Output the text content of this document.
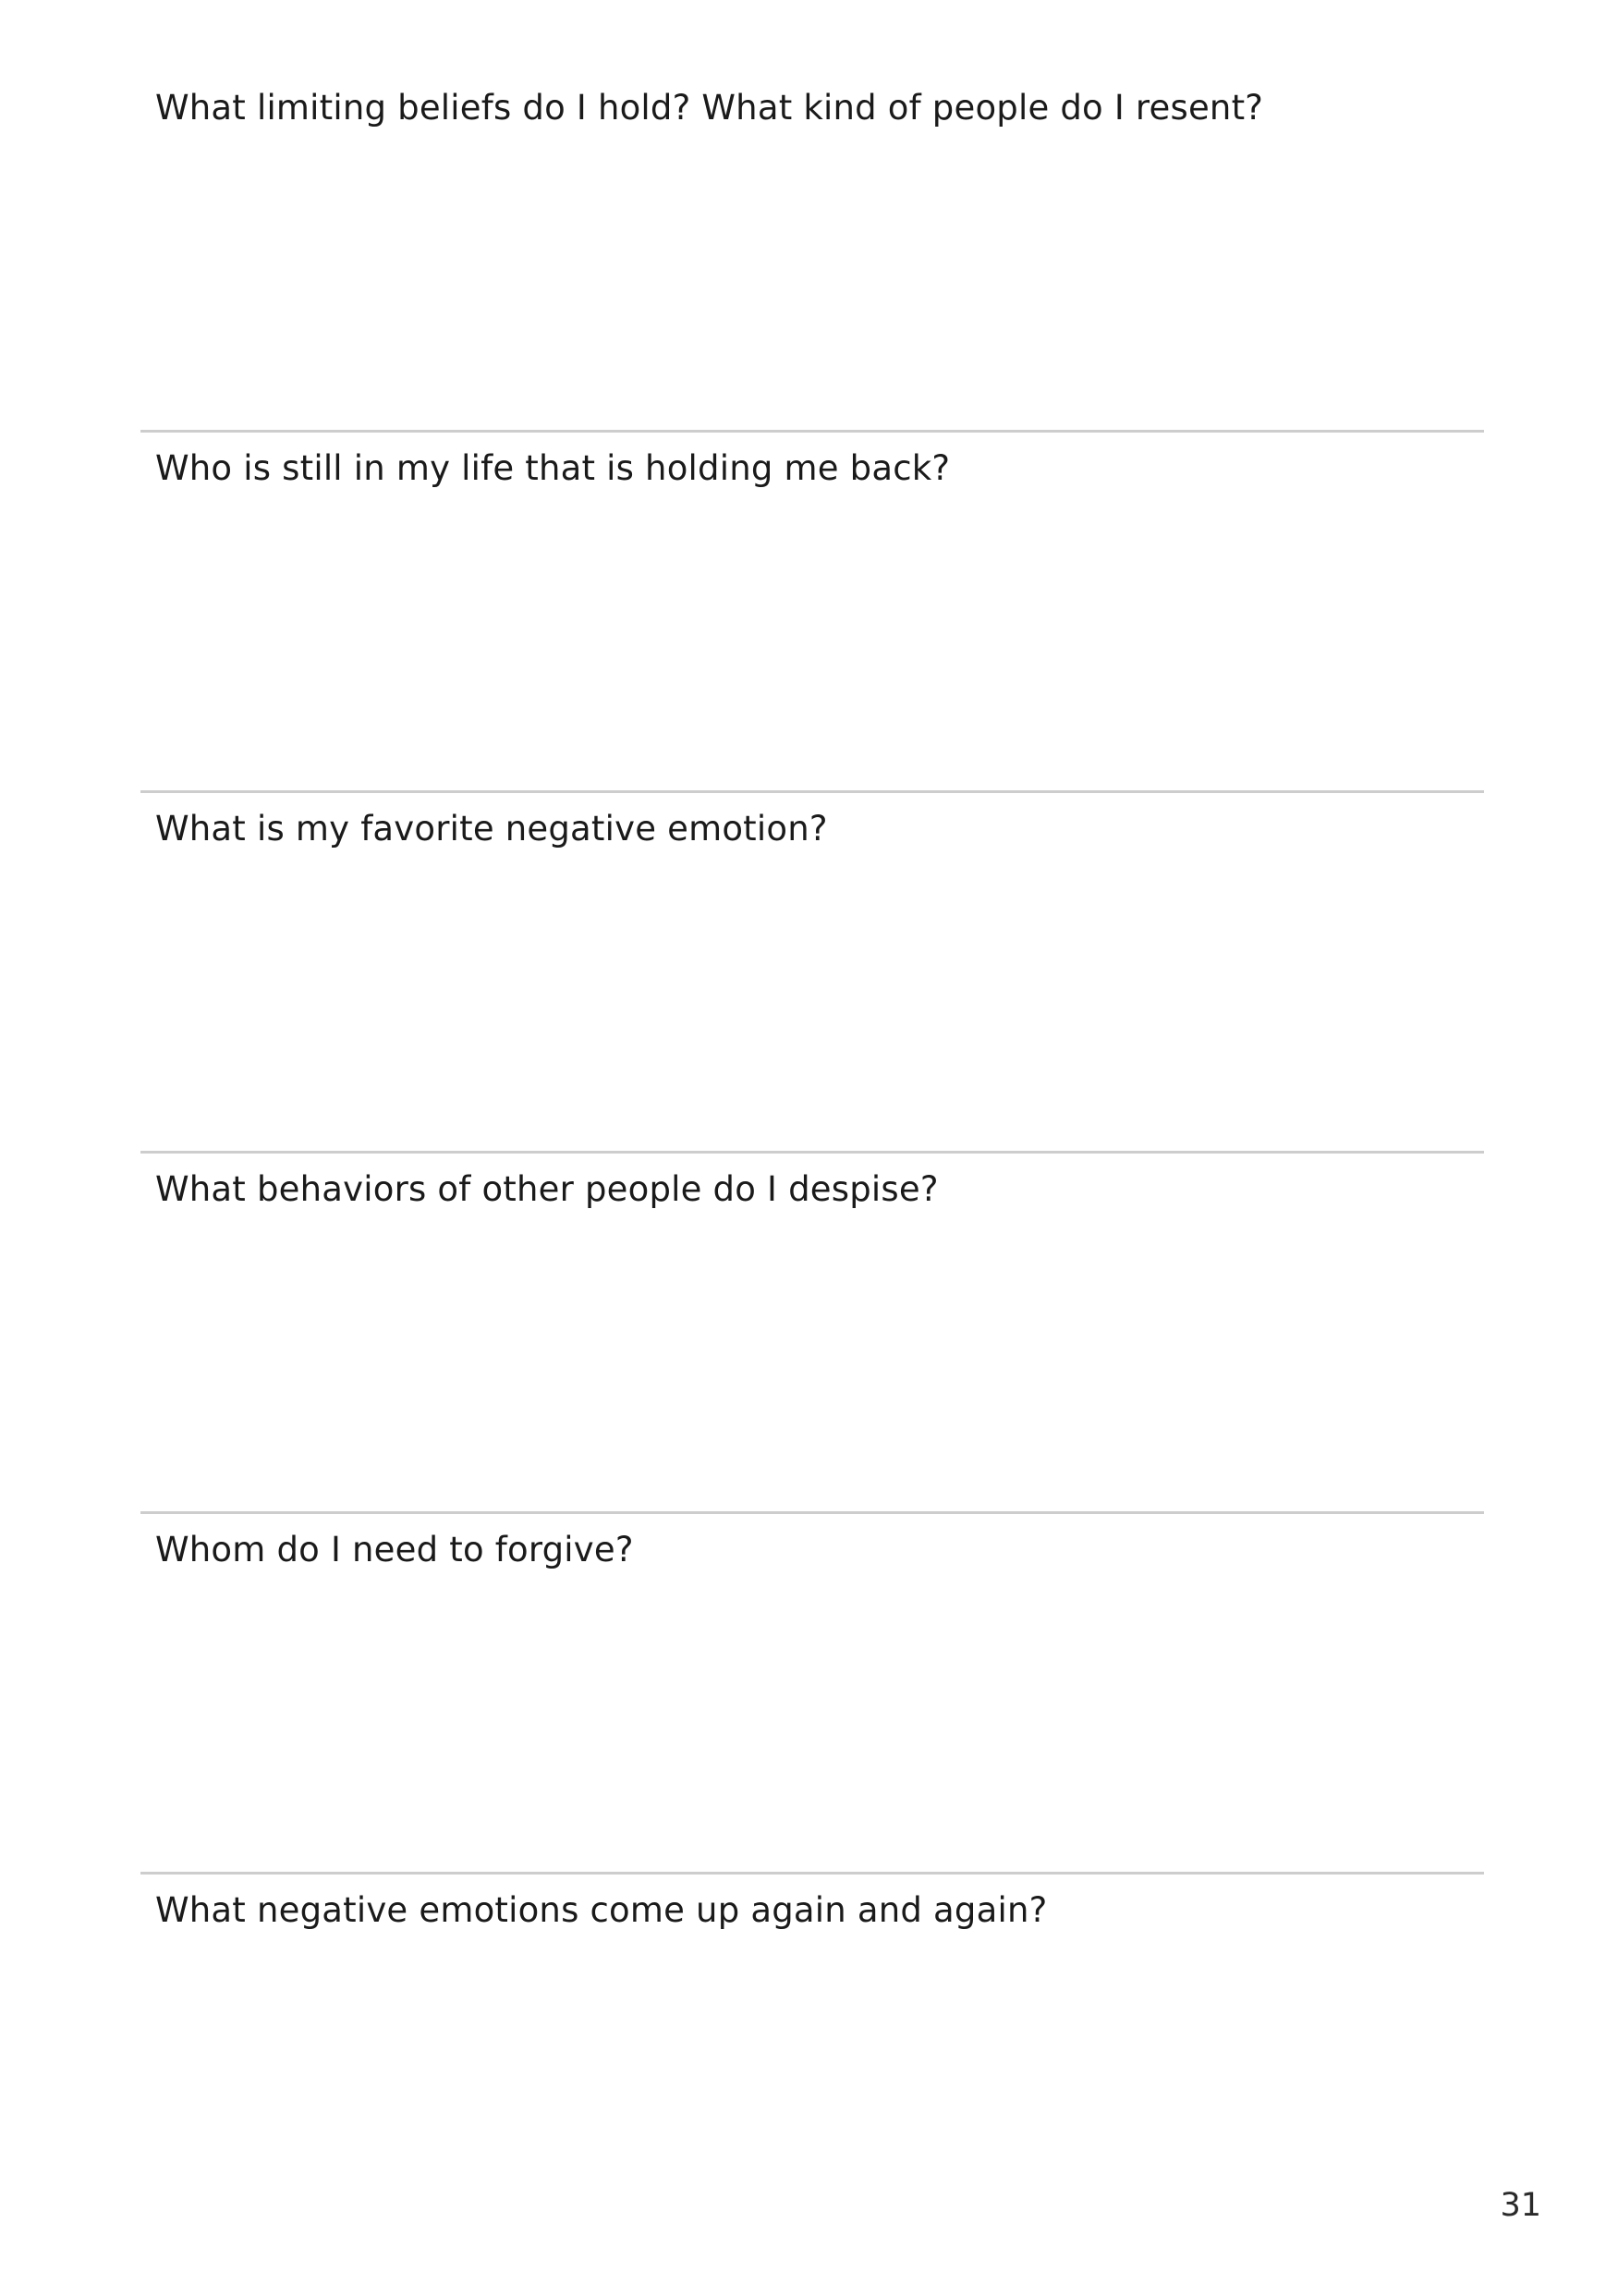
What limiting beliefs do I hold? What kind of people do I resent?

Who is still in my life that is holding me back?

What is my favorite negative emotion?

What behaviors of other people do I despise?

Whom do I need to forgive?

What negative emotions come up again and again?

31
